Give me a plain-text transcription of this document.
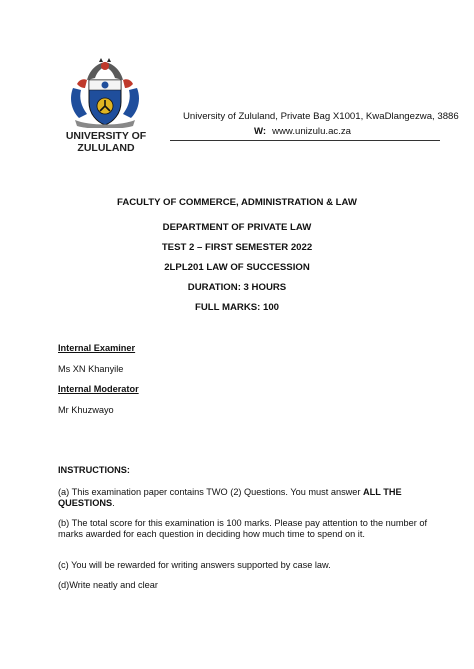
UNIVERSITY OF
ZULULAND
University of Zululand, Private Bag X1001, KwaDlangezwa, 3886
W: www.unizulu.ac.za
FACULTY OF COMMERCE, ADMINISTRATION & LAW
DEPARTMENT OF PRIVATE LAW
TEST 2 – FIRST SEMESTER 2022
2LPL201 LAW OF SUCCESSION
DURATION: 3 HOURS
FULL MARKS: 100
Internal Examiner
Ms XN Khanyile
Internal Moderator
Mr Khuzwayo
INSTRUCTIONS:
(a) This examination paper contains TWO (2) Questions. You must answer ALL THE QUESTIONS.
(b) The total score for this examination is 100 marks. Please pay attention to the number of marks awarded for each question in deciding how much time to spend on it.
(c) You will be rewarded for writing answers supported by case law.
(d)Write neatly and clear
